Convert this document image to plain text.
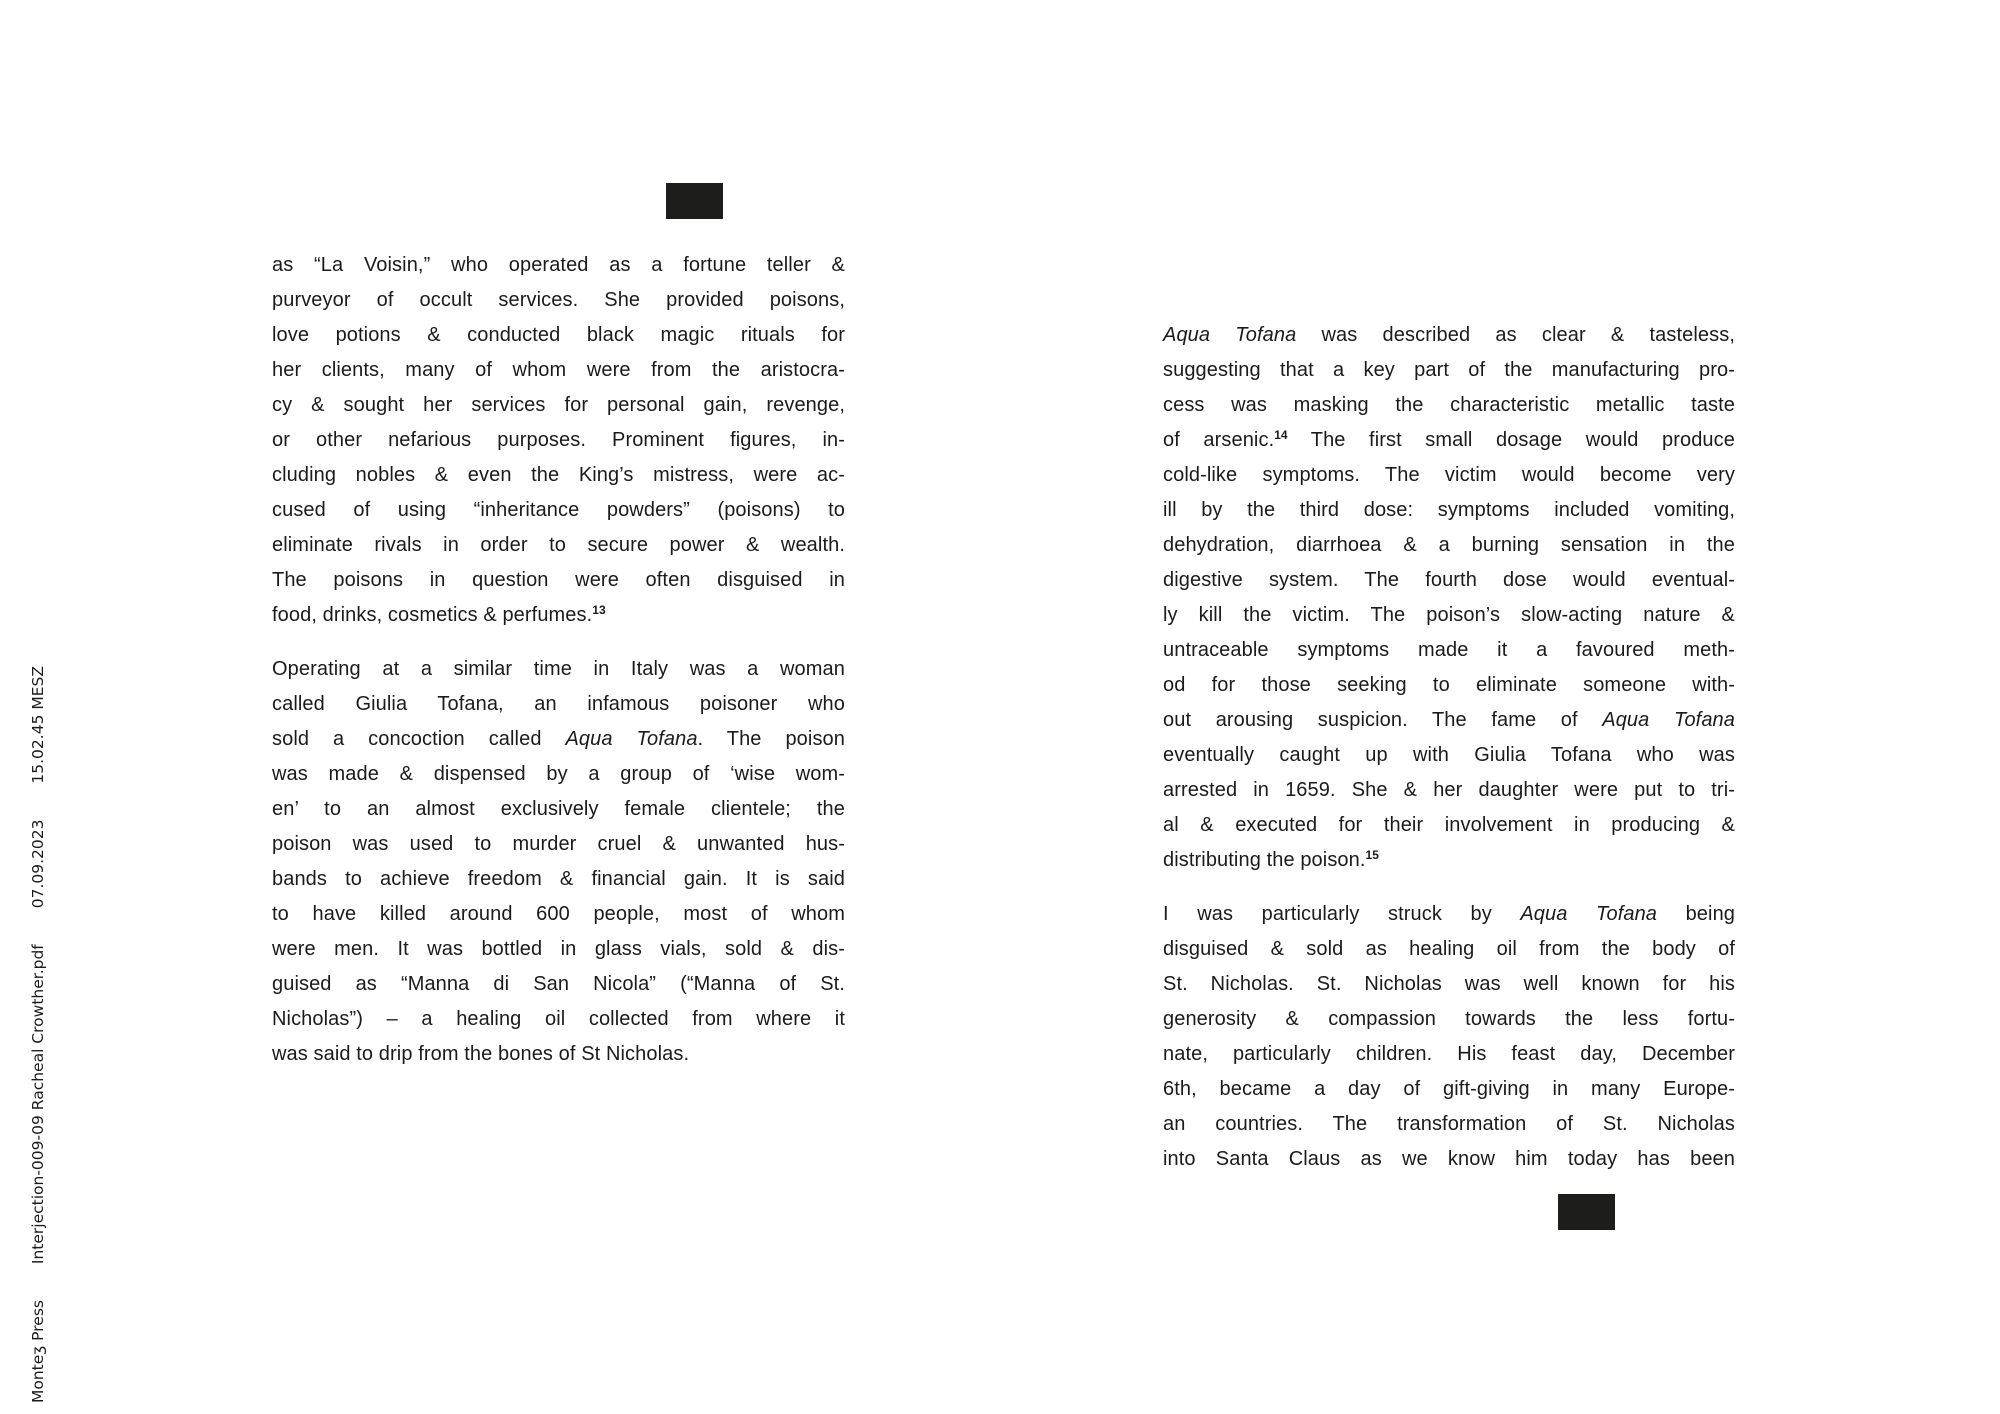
as “La Voisin,” who operated as a fortune teller &
purveyor of occult services. She provided poisons,
love potions & conducted black magic rituals for
her clients, many of whom were from the aristocra-
cy & sought her services for personal gain, revenge,
or other nefarious purposes. Prominent figures, in-
cluding nobles & even the King’s mistress, were ac-
cused of using “inheritance powders” (poisons) to
eliminate rivals in order to secure power & wealth.
The poisons in question were often disguised in
food, drinks, cosmetics & perfumes.$^{13}$
Operating at a similar time in Italy was a woman
called Giulia Tofana, an infamous poisoner who
sold a concoction called Aqua Tofana. The poison
was made & dispensed by a group of ‘wise wom-
en’ to an almost exclusively female clientele; the
poison was used to murder cruel & unwanted hus-
bands to achieve freedom & financial gain. It is said
to have killed around 600 people, most of whom
were men. It was bottled in glass vials, sold & dis-
guised as “Manna di San Nicola” (“Manna of St.
Nicholas”) – a healing oil collected from where it
was said to drip from the bones of St Nicholas.
Aqua Tofana was described as clear & tasteless,
suggesting that a key part of the manufacturing pro-
cess was masking the characteristic metallic taste
of arsenic.$^{14}$ The first small dosage would produce
cold-like symptoms. The victim would become very
ill by the third dose: symptoms included vomiting,
dehydration, diarrhoea & a burning sensation in the
digestive system. The fourth dose would eventual-
ly kill the victim. The poison’s slow-acting nature &
untraceable symptoms made it a favoured meth-
od for those seeking to eliminate someone with-
out arousing suspicion. The fame of Aqua Tofana
eventually caught up with Giulia Tofana who was
arrested in 1659. She & her daughter were put to tri-
al & executed for their involvement in producing &
distributing the poison.$^{15}$
I was particularly struck by Aqua Tofana being
disguised & sold as healing oil from the body of
St. Nicholas. St. Nicholas was well known for his
generosity & compassion towards the less fortu-
nate, particularly children. His feast day, December
6th, became a day of gift-giving in many Europe-
an countries. The transformation of St. Nicholas
into Santa Claus as we know him today has been
Monteʒ Press Interjection-009-09 Racheal Crowther.pdf 07.09.2023 15.02.45 MESZ
